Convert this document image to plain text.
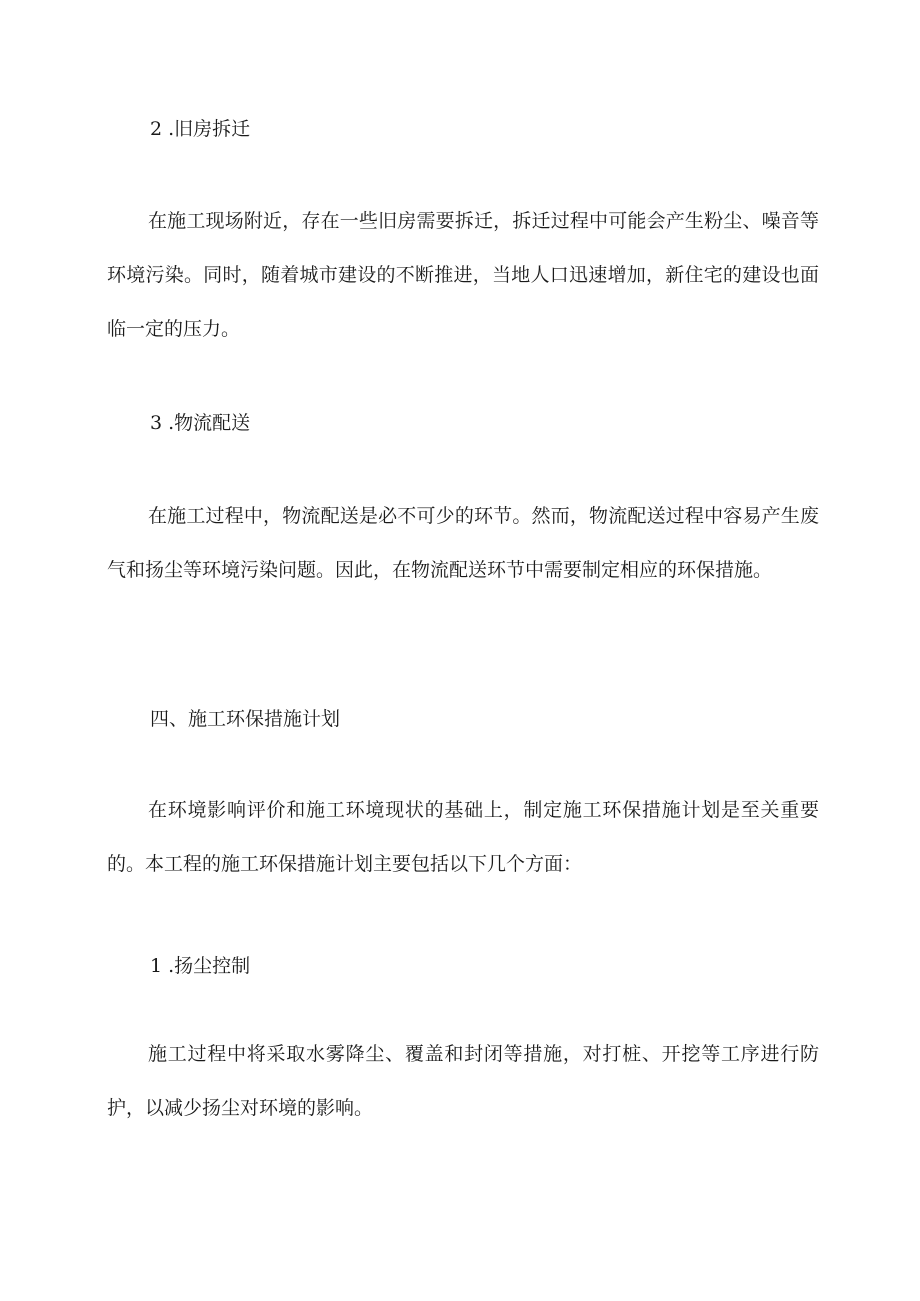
2 .旧房拆迁

在施工现场附近，存在一些旧房需要拆迁，拆迁过程中可能会产生粉尘、噪音等环境污染。同时，随着城市建设的不断推进，当地人口迅速增加，新住宅的建设也面临一定的压力。

3 .物流配送

在施工过程中，物流配送是必不可少的环节。然而，物流配送过程中容易产生废气和扬尘等环境污染问题。因此，在物流配送环节中需要制定相应的环保措施。

四、施工环保措施计划

在环境影响评价和施工环境现状的基础上，制定施工环保措施计划是至关重要的。本工程的施工环保措施计划主要包括以下几个方面：

1 .扬尘控制

施工过程中将采取水雾降尘、覆盖和封闭等措施，对打桩、开挖等工序进行防护，以减少扬尘对环境的影响。
